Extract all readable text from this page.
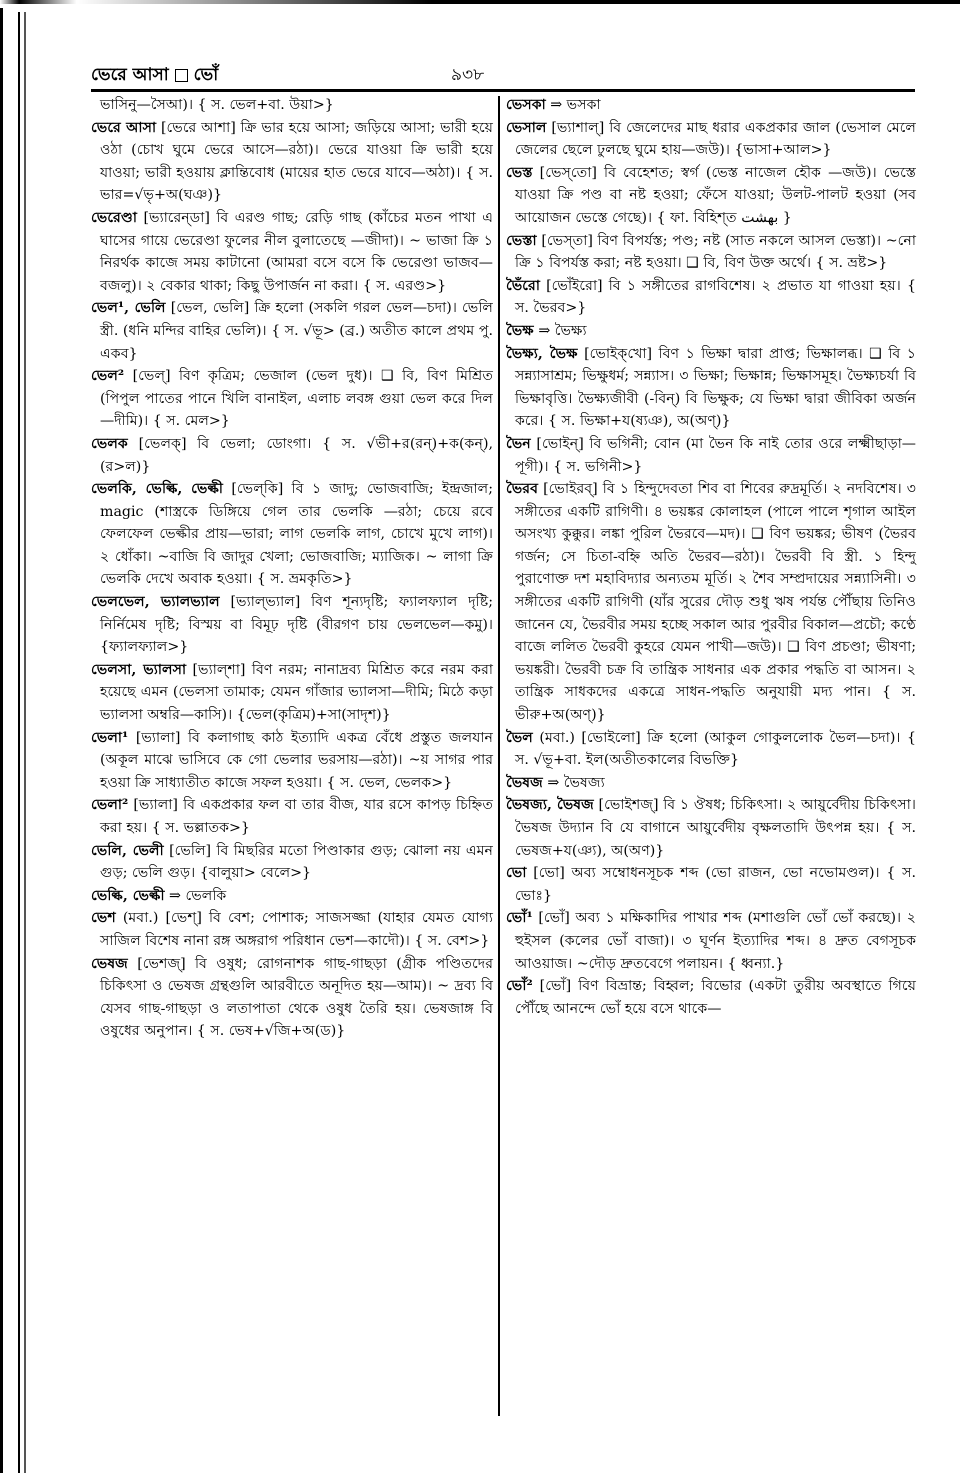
ভেরে আসা ভোঁ	৯৩৮

ভাসিনু—সৈআ)। { স. ভেল+বা. উয়া>}

ভেরে আসা [ভেরে আশা] ক্রি ভার হয়ে আসা; জড়িয়ে আসা; ভারী হয়ে ওঠা (চোখ ঘুমে ভেরে আসে—রঠা)। ভেরে যাওয়া ক্রি ভারী হয়ে যাওয়া; ভারী হওয়ায় ক্লান্তিবোধ (মায়ের হাত ভেরে যাবে—অঠা)। { স. ভার=√ভৃ+অ(ঘঞ)}

ভেরেণ্ডা [ভ্যারেন্‌ডা] বি এরণ্ড গাছ; রেড়ি গাছ (কাঁচের মতন পাখা এ ঘাসের গায়ে ভেরেণ্ডা ফুলের নীল বুলাতেছে —জীদা)। ~ ভাজা ক্রি ১ নিরর্থক কাজে সময় কাটানো (আমরা বসে বসে কি ভেরেণ্ডা ভাজব—বজলু)। ২ বেকার থাকা; কিছু উপার্জন না করা। { স. এরণ্ড>}

ভেল¹, ভেলি [ভেল, ভেলি] ক্রি হলো (সকলি গরল ভেল—চদা)। ভেলি স্ত্রী. (ধনি মন্দির বাহির ভেলি)। { স. √ভূ> (ব্র.) অতীত কালে প্রথম পু. একব}

ভেল² [ভেল্] বিণ কৃত্রিম; ভেজাল (ভেল দুধ)। ❑ বি, বিণ মিশ্রিত (পিপুল পাতের পানে খিলি বানাইল, এলাচ লবঙ্গ গুয়া ভেল করে দিল—দীমি)। { স. মেল>}

ভেলক [ভেলক্] বি ভেলা; ডোংগা। { স. √ভী+র(রন্)+ক(কন্), (র>ল)}

ভেলকি, ভেল্কি, ভেল্কী [ভেল্‌কি] বি ১ জাদু; ভোজবাজি; ইন্দ্রজাল; magic (শাস্ত্রকে ডিঙ্গিয়ে গেল তার ভেলকি —রঠা; চেয়ে রবে ফেলফেল ভেল্কীর প্রায়—ভারা; লাগ ভেলকি লাগ, চোখে মুখে লাগ)। ২ ধোঁকা। ~বাজি বি জাদুর খেলা; ভোজবাজি; ম্যাজিক। ~ লাগা ক্রি ভেলকি দেখে অবাক হওয়া। { স. ভ্রমকৃতি>}

ভেলভেল, ভ্যালভ্যাল [ভ্যাল্‌ভ্যাল] বিণ শূন্যদৃষ্টি; ফ্যালফ্যাল দৃষ্টি; নির্নিমেষ দৃষ্টি; বিস্ময় বা বিমূঢ় দৃষ্টি (বীরগণ চায় ভেলভেল—কমু)। {ফ্যালফ্যাল>}

ভেলসা, ভ্যালসা [ভ্যাল্‌শা] বিণ নরম; নানাদ্রব্য মিশ্রিত করে নরম করা হয়েছে এমন (ভেলসা তামাক; যেমন গাঁজার ভ্যালসা—দীমি; মিঠে কড়া ভ্যালসা অম্বরি—কাসি)। {ভেল(কৃত্রিম)+সা(সাদৃশ)}

ভেলা¹ [ভ্যালা] বি কলাগাছ কাঠ ইত্যাদি একত্র বেঁধে প্রস্তুত জলযান (অকূল মাঝে ভাসিবে কে গো ভেলার ভরসায়—রঠা)। ~য় সাগর পার হওয়া ক্রি সাধ্যাতীত কাজে সফল হওয়া। { স. ভেল, ভেলক>}

ভেলা² [ভ্যালা] বি একপ্রকার ফল বা তার বীজ, যার রসে কাপড় চিহ্নিত করা হয়। { স. ভল্লাতক>}

ভেলি, ভেলী [ভেলি] বি মিছরির মতো পিণ্ডাকার গুড়; ঝোলা নয় এমন গুড়; ভেলি গুড়। {বালুয়া> বেলে>}

ভেল্কি, ভেল্কী ⇒ ভেলকি

ভেশ (মবা.) [ভেশ্] বি বেশ; পোশাক; সাজসজ্জা (যাহার যেমত যোগ্য সাজিল বিশেষ নানা রঙ্গ অঙ্গরাগ পরিধান ভেশ—কাদৌ)। { স. বেশ>}

ভেষজ [ভেশজ্] বি ওষুধ; রোগনাশক গাছ-গাছড়া (গ্রীক পণ্ডিতদের চিকিৎসা ও ভেষজ গ্রন্থগুলি আরবীতে অনূদিত হয়—আম)। ~ দ্রব্য বি যেসব গাছ-গাছড়া ও লতাপাতা থেকে ওষুধ তৈরি হয়। ভেষজাঙ্গ বি ওষুধের অনুপান। { স. ভেষ+√জি+অ(ড)}

ভেসকা ⇒ ভসকা

ভেসাল [ভ্যাশাল্] বি জেলেদের মাছ ধরার একপ্রকার জাল (ভেসাল মেলে জেলের ছেলে ঢুলছে ঘুমে হায়—জউ)। {ভাসা+আল>}

ভেস্ত [ভেস্‌তো] বি বেহেশত; স্বর্গ (ভেস্ত নাজেল হৌক —জউ)। ভেস্তে যাওয়া ক্রি পণ্ড বা নষ্ট হওয়া; ফেঁসে যাওয়া; উলট-পালট হওয়া (সব আয়োজন ভেস্তে গেছে)। { ফা. বিহিশ্‌ত بهشت }

ভেস্তা [ভেস্‌তা] বিণ বিপর্যস্ত; পণ্ড; নষ্ট (সাত নকলে আসল ভেস্তা)। ~নো ক্রি ১ বিপর্যস্ত করা; নষ্ট হওয়া। ❑ বি, বিণ উক্ত অর্থে। { স. ভ্রষ্ট>}

ভৈঁরো [ভোঁইরো] বি ১ সঙ্গীতের রাগবিশেষ। ২ প্রভাত যা গাওয়া হয়। { স. ভৈরব>}

ভৈক্ষ ⇒ ভৈক্ষ্য

ভৈক্ষ্য, ভৈক্ষ [ভোইক্‌খো] বিণ ১ ভিক্ষা দ্বারা প্রাপ্ত; ভিক্ষালব্ধ। ❑ বি ১ সন্ন্যাসাশ্রম; ভিক্ষুধর্ম; সন্ন্যাস। ৩ ভিক্ষা; ভিক্ষান্ন; ভিক্ষাসমূহ। ভৈক্ষ্যচর্যা বি ভিক্ষাবৃত্তি। ভৈক্ষ্যজীবী (-বিন্) বি ভিক্ষুক; যে ভিক্ষা দ্বারা জীবিকা অর্জন করে। { স. ভিক্ষা+য(ষ্যঞ), অ(অণ্)}

ভৈন [ভোইন্] বি ভগিনী; বোন (মা ভৈন কি নাই তোর ওরে লক্ষ্মীছাড়া—পূগী)। { স. ভগিনী>}

ভৈরব [ভোইরব্] বি ১ হিন্দুদেবতা শিব বা শিবের রুদ্রমূর্তি। ২ নদবিশেষ। ৩ সঙ্গীতের একটি রাগিণী। ৪ ভয়ঙ্কর কোলাহল (পালে পালে শৃগাল আইল অসংখ্য কুক্কুর। লঙ্কা পুরিল ভৈরবে—মদ)। ❑ বিণ ভয়ঙ্কর; ভীষণ (ভৈরব গর্জন; সে চিতা-বহ্নি অতি ভৈরব—রঠা)। ভৈরবী বি স্ত্রী. ১ হিন্দু পুরাণোক্ত দশ মহাবিদ্যার অন্যতম মূর্তি। ২ শৈব সম্প্রদায়ের সন্ন্যাসিনী। ৩ সঙ্গীতের একটি রাগিণী (যাঁর সুরের দৌড় শুধু ঋষ পর্যন্ত পৌঁছায় তিনিও জানেন যে, ভৈরবীর সময় হচ্ছে সকাল আর পুরবীর বিকাল—প্রচৌ; কণ্ঠে বাজে ললিত ভৈরবী কুহরে যেমন পাখী—জউ)। ❑ বিণ প্রচণ্ডা; ভীষণা; ভয়ঙ্করী। ভৈরবী চক্র বি তান্ত্রিক সাধনার এক প্রকার পদ্ধতি বা আসন। ২ তান্ত্রিক সাধকদের একত্রে সাধন-পদ্ধতি অনুযায়ী মদ্য পান। { স. ভীরু+অ(অণ্)}

ভৈল (মবা.) [ভোইলো] ক্রি হলো (আকুল গোকুললোক ভৈল—চদা)। { স. √ভূ+বা. ইল(অতীতকালের বিভক্তি}

ভৈষজ ⇒ ভৈষজ্য

ভৈষজ্য, ভৈষজ [ভোইশজ্] বি ১ ঔষধ; চিকিৎসা। ২ আয়ুর্বেদীয় চিকিৎসা। ভৈষজ উদ্যান বি যে বাগানে আয়ুর্বেদীয় বৃক্ষলতাদি উৎপন্ন হয়। { স. ভেষজ+য(ঞ্য), অ(অণ)}

ভো [ভো] অব্য সম্বোধনসূচক শব্দ (ভো রাজন, ভো নভোমণ্ডল)। { স. ভোঃ}

ভোঁ¹ [ভোঁ] অব্য ১ মক্ষিকাদির পাখার শব্দ (মশাগুলি ভোঁ ভোঁ করছে)। ২ হুইসল (কলের ভোঁ বাজা)। ৩ ঘূর্ণন ইত্যাদির শব্দ। ৪ দ্রুত বেগসূচক আওয়াজ। ~দৌড় দ্রুতবেগে পলায়ন। { ধ্বন্যা.}

ভোঁ² [ভোঁ] বিণ বিভ্রান্ত; বিহ্বল; বিভোর (একটা তুরীয় অবস্থাতে গিয়ে পৌঁছে আনন্দে ভোঁ হয়ে বসে থাকে—
